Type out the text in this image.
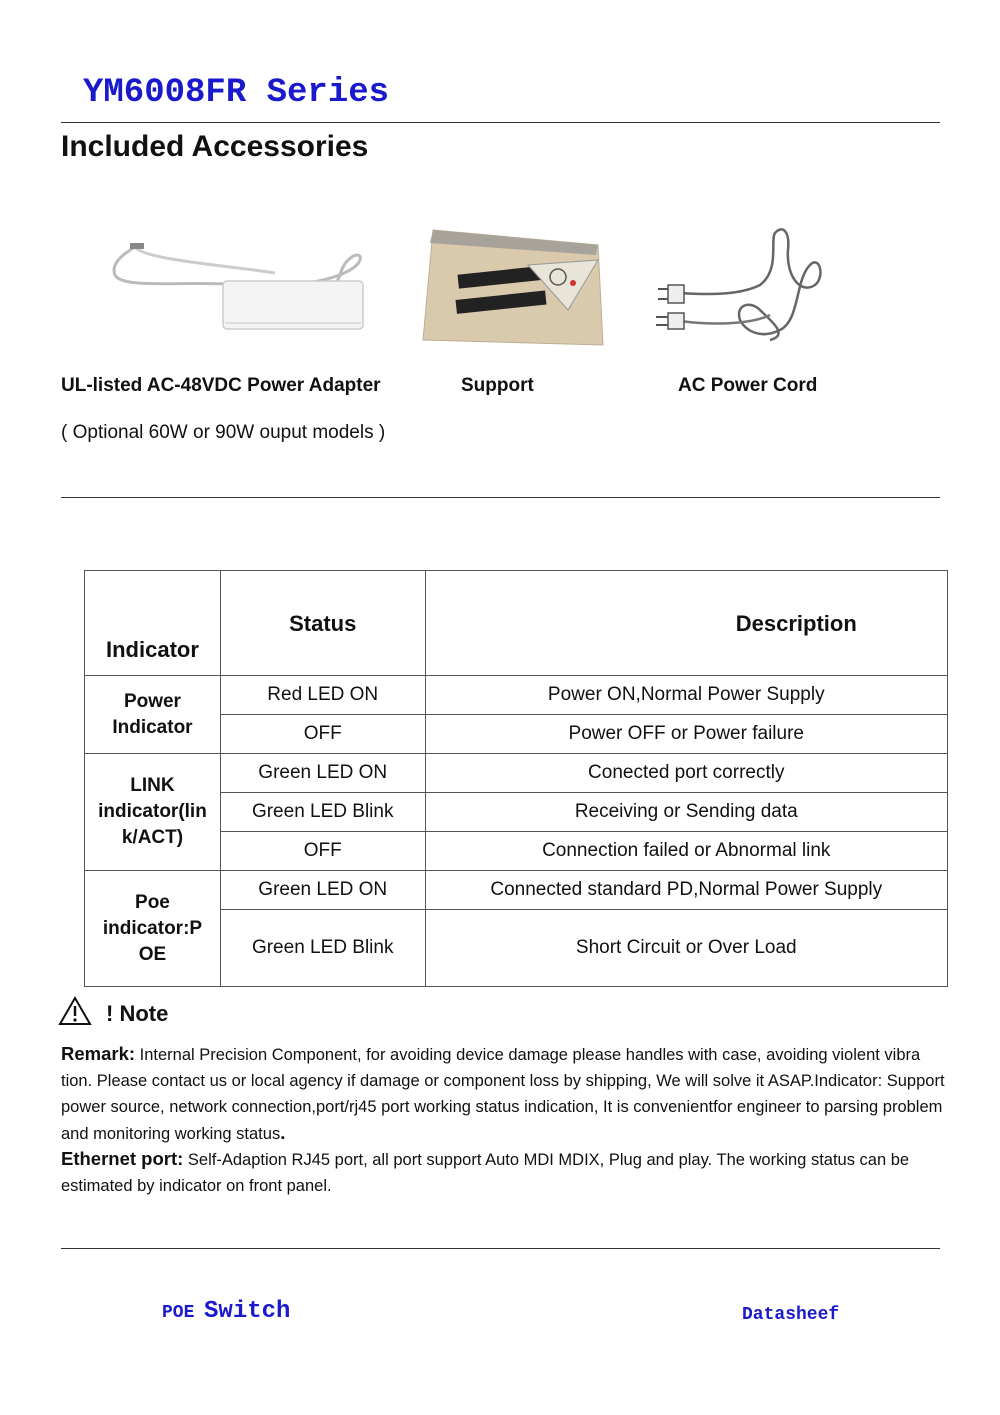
YM6008FR Series
Included Accessories
UL-listed AC-48VDC Power Adapter	Support	AC Power Cord
( Optional 60W or 90W ouput models )
Indicator	Status	Description

Power
Indicator	Red LED ON	Power ON,Normal Power Supply
	OFF	Power OFF or Power failure

LINK
indicator(lin
k/ACT)	Green LED ON	Conected port correctly
	Green LED Blink	Receiving or Sending data
	OFF	Connection failed or Abnormal link

Poe
indicator:P
OE	Green LED ON	Connected standard PD,Normal Power Supply
	Green LED Blink	Short Circuit or Over Load
! Note
Remark: Internal Precision Component, for avoiding device damage please handles with case, avoiding violent vibra tion. Please contact us or local agency if damage or component loss by shipping, We will solve it ASAP.Indicator: Support power source, network connection,port/rj45 port working status indication, It is convenientfor engineer to parsing problem and monitoring working status.
Ethernet port: Self-Adaption RJ45 port, all port support Auto MDI MDIX, Plug and play. The working status can be estimated by indicator on front panel.
POE Switch	Datasheef
